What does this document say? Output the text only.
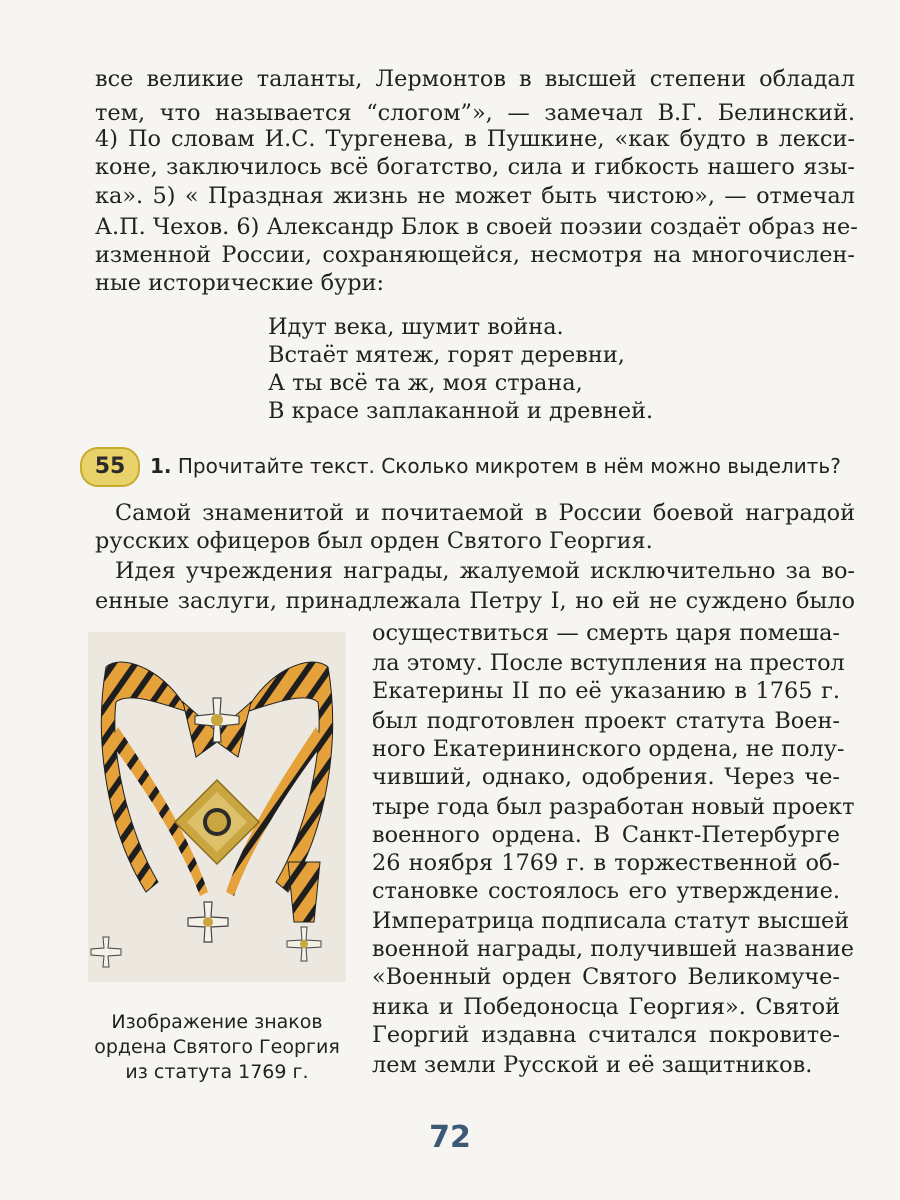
все великие таланты, Лермонтов в высшей степени обладал
тем, что называется “слогом”», — замечал В.Г. Белинский.
4) По словам И.С. Тургенева, в Пушкине, «как будто в лекси-
коне, заключилось всё богатство, сила и гибкость нашего язы-
ка». 5) « Праздная жизнь не может быть чистою», — отмечал
А.П. Чехов. 6) Александр Блок в своей поэзии создаёт образ не-
изменной России, сохраняющейся, несмотря на многочислен-
ные исторические бури:
Идут века, шумит война.
Встаёт мятеж, горят деревни,
А ты всё та ж, моя страна,
В красе заплаканной и древней.
55	1. Прочитайте текст. Сколько микротем в нём можно выделить?
Самой знаменитой и почитаемой в России боевой наградой
русских офицеров был орден Святого Георгия.
Идея учреждения награды, жалуемой исключительно за во-
енные заслуги, принадлежала Петру I, но ей не суждено было
Изображение знаков
ордена Святого Георгия
из статута 1769 г.
осуществиться — смерть царя помеша-
ла этому. После вступления на престол
Екатерины II по её указанию в 1765 г.
был подготовлен проект статута Воен-
ного Екатерининского ордена, не полу-
чивший, однако, одобрения. Через че-
тыре года был разработан новый проект
военного ордена. В Санкт-Петербурге
26 ноября 1769 г. в торжественной об-
становке состоялось его утверждение.
Императрица подписала статут высшей
военной награды, получившей название
«Военный орден Святого Великомуче-
ника и Победоносца Георгия». Святой
Георгий издавна считался покровите-
лем земли Русской и её защитников.
72
